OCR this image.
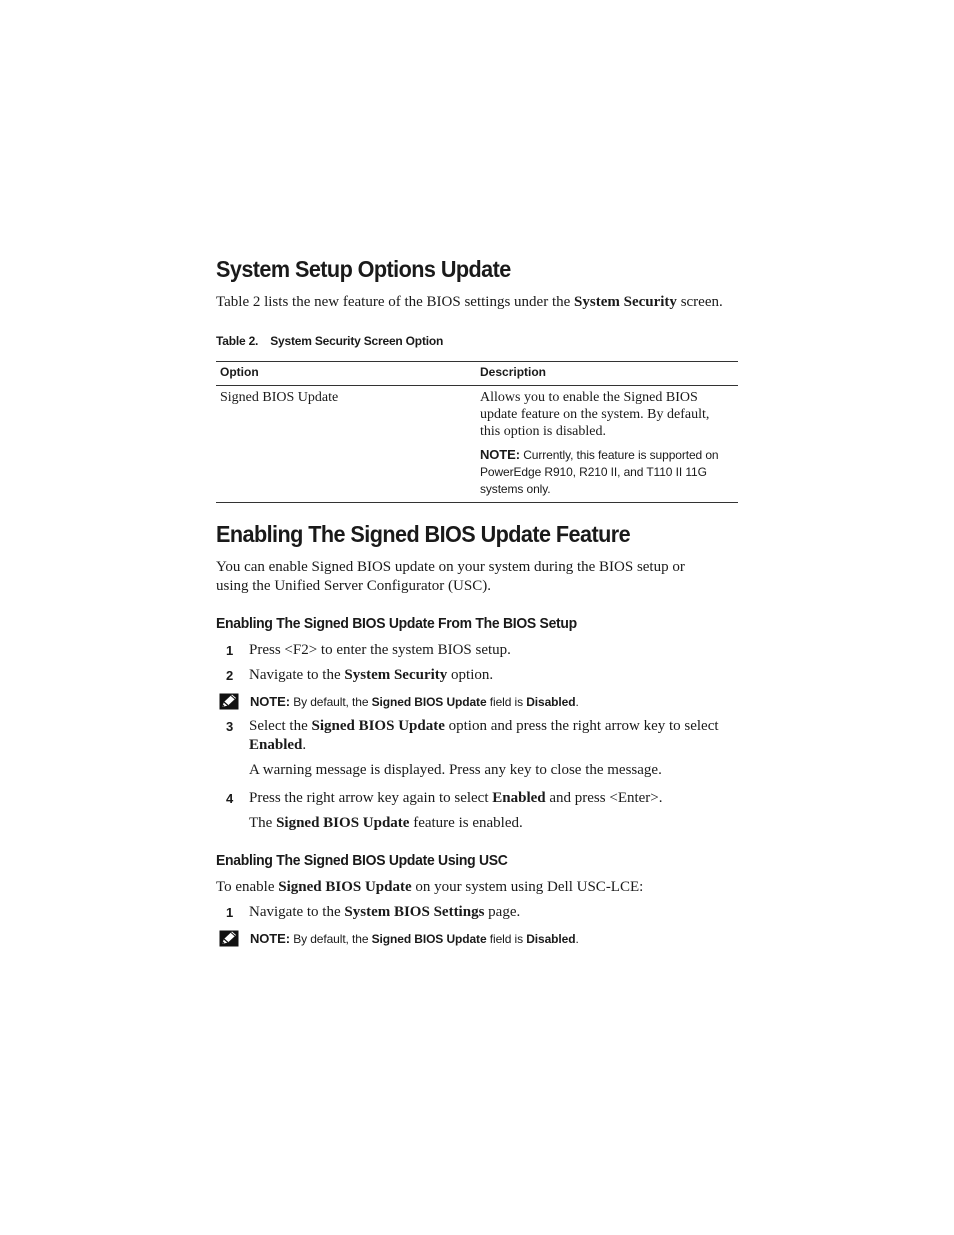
System Setup Options Update

Table 2 lists the new feature of the BIOS settings under the System Security screen.

Table 2. System Security Screen Option
Option	Description
Signed BIOS Update	Allows you to enable the Signed BIOS
update feature on the system. By default,
this option is disabled.
NOTE: Currently, this feature is supported on
PowerEdge R910, R210 II, and T110 II 11G
systems only.
Enabling The Signed BIOS Update Feature

You can enable Signed BIOS update on your system during the BIOS setup or
using the Unified Server Configurator (USC).

Enabling The Signed BIOS Update From The BIOS Setup
1 Press <F2> to enter the system BIOS setup.
2 Navigate to the System Security option.
NOTE: By default, the Signed BIOS Update field is Disabled.
3 Select the Signed BIOS Update option and press the right arrow key to select
Enabled.
A warning message is displayed. Press any key to close the message.
4 Press the right arrow key again to select Enabled and press <Enter>.
The Signed BIOS Update feature is enabled.
Enabling The Signed BIOS Update Using USC

To enable Signed BIOS Update on your system using Dell USC-LCE:

1 Navigate to the System BIOS Settings page.
NOTE: By default, the Signed BIOS Update field is Disabled.
